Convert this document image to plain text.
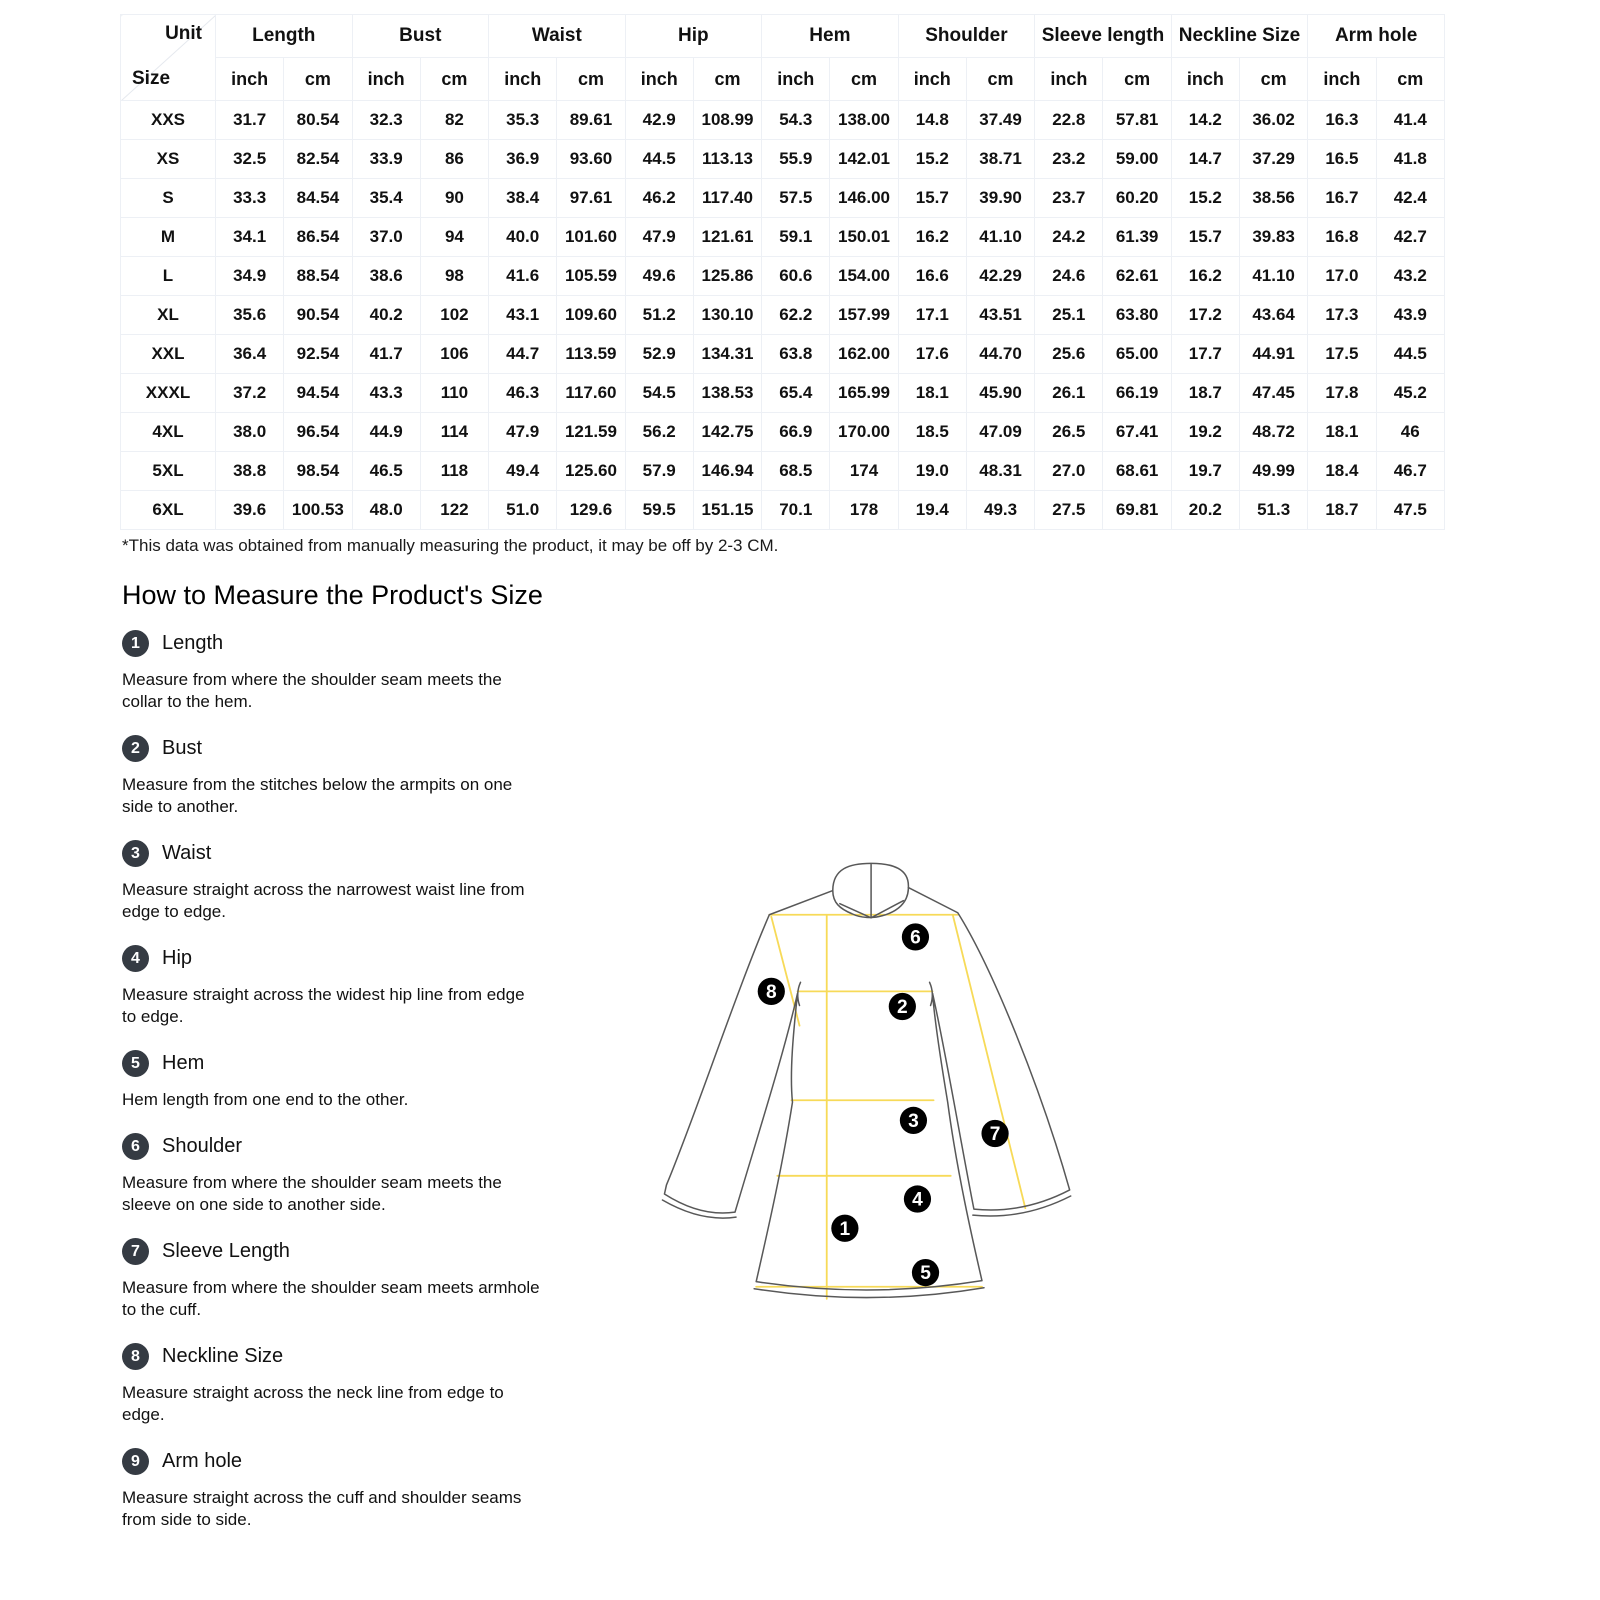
Unit
Size	Length		Bust		Waist		Hip		Hem		Shoulder		Sleeve length		Neckline Size		Arm hole	
	inch	cm	inch	cm	inch	cm	inch	cm	inch	cm	inch	cm	inch	cm	inch	cm	inch	cm
XXS	31.7	80.54	32.3	82	35.3	89.61	42.9	108.99	54.3	138.00	14.8	37.49	22.8	57.81	14.2	36.02	16.3	41.4
XS	32.5	82.54	33.9	86	36.9	93.60	44.5	113.13	55.9	142.01	15.2	38.71	23.2	59.00	14.7	37.29	16.5	41.8
S	33.3	84.54	35.4	90	38.4	97.61	46.2	117.40	57.5	146.00	15.7	39.90	23.7	60.20	15.2	38.56	16.7	42.4
M	34.1	86.54	37.0	94	40.0	101.60	47.9	121.61	59.1	150.01	16.2	41.10	24.2	61.39	15.7	39.83	16.8	42.7
L	34.9	88.54	38.6	98	41.6	105.59	49.6	125.86	60.6	154.00	16.6	42.29	24.6	62.61	16.2	41.10	17.0	43.2
XL	35.6	90.54	40.2	102	43.1	109.60	51.2	130.10	62.2	157.99	17.1	43.51	25.1	63.80	17.2	43.64	17.3	43.9
XXL	36.4	92.54	41.7	106	44.7	113.59	52.9	134.31	63.8	162.00	17.6	44.70	25.6	65.00	17.7	44.91	17.5	44.5
XXXL	37.2	94.54	43.3	110	46.3	117.60	54.5	138.53	65.4	165.99	18.1	45.90	26.1	66.19	18.7	47.45	17.8	45.2
4XL	38.0	96.54	44.9	114	47.9	121.59	56.2	142.75	66.9	170.00	18.5	47.09	26.5	67.41	19.2	48.72	18.1	46
5XL	38.8	98.54	46.5	118	49.4	125.60	57.9	146.94	68.5	174	19.0	48.31	27.0	68.61	19.7	49.99	18.4	46.7
6XL	39.6	100.53	48.0	122	51.0	129.6	59.5	151.15	70.1	178	19.4	49.3	27.5	69.81	20.2	51.3	18.7	47.5

*This data was obtained from manually measuring the product, it may be off by 2-3 CM.

How to Measure the Product's Size
1	Length

Measure from where the shoulder seam meets the collar to the hem.

2	Bust

Measure from the stitches below the armpits on one side to another.

3	Waist

Measure straight across the narrowest waist line from edge to edge.

4	Hip

Measure straight across the widest hip line from edge to edge.

5	Hem

Hem length from one end to the other.

6	Shoulder

Measure from where the shoulder seam meets the sleeve on one side to another side.

7	Sleeve Length

Measure from where the shoulder seam meets armhole to the cuff.

8	Neckline Size

Measure straight across the neck line from edge to edge.

9	Arm hole

Measure straight across the cuff and shoulder seams from side to side.

1
2
3
4
5
6
7
8
